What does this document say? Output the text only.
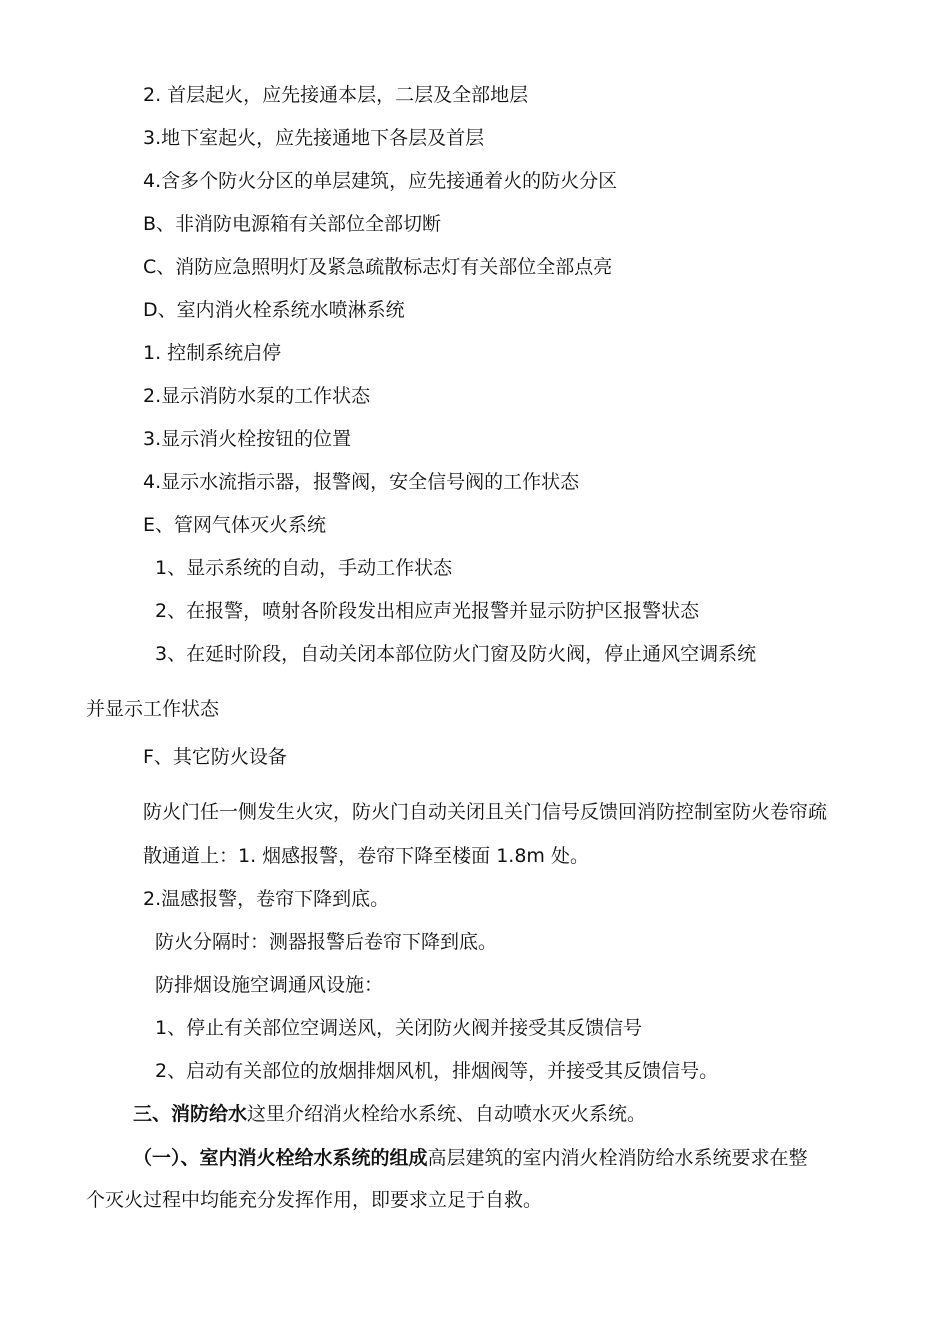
2. 首层起火，应先接通本层，二层及全部地层
3.地下室起火，应先接通地下各层及首层
4.含多个防火分区的单层建筑，应先接通着火的防火分区
B、非消防电源箱有关部位全部切断
C、消防应急照明灯及紧急疏散标志灯有关部位全部点亮
D、室内消火栓系统水喷淋系统
1. 控制系统启停
2.显示消防水泵的工作状态
3.显示消火栓按钮的位置
4.显示水流指示器，报警阀，安全信号阀的工作状态
E、管网气体灭火系统
1、显示系统的自动，手动工作状态
2、在报警，喷射各阶段发出相应声光报警并显示防护区报警状态
3、在延时阶段，自动关闭本部位防火门窗及防火阀，停止通风空调系统
并显示工作状态
F、其它防火设备
防火门任一侧发生火灾，防火门自动关闭且关门信号反馈回消防控制室防火卷帘疏
散通道上：1. 烟感报警，卷帘下降至楼面 1.8m 处。
2.温感报警，卷帘下降到底。
防火分隔时：测器报警后卷帘下降到底。
防排烟设施空调通风设施：
1、停止有关部位空调送风，关闭防火阀并接受其反馈信号
2、启动有关部位的放烟排烟风机，排烟阀等，并接受其反馈信号。
三、消防给水这里介绍消火栓给水系统、自动喷水灭火系统。
（一）、室内消火栓给水系统的组成高层建筑的室内消火栓消防给水系统要求在整
个灭火过程中均能充分发挥作用，即要求立足于自救。
